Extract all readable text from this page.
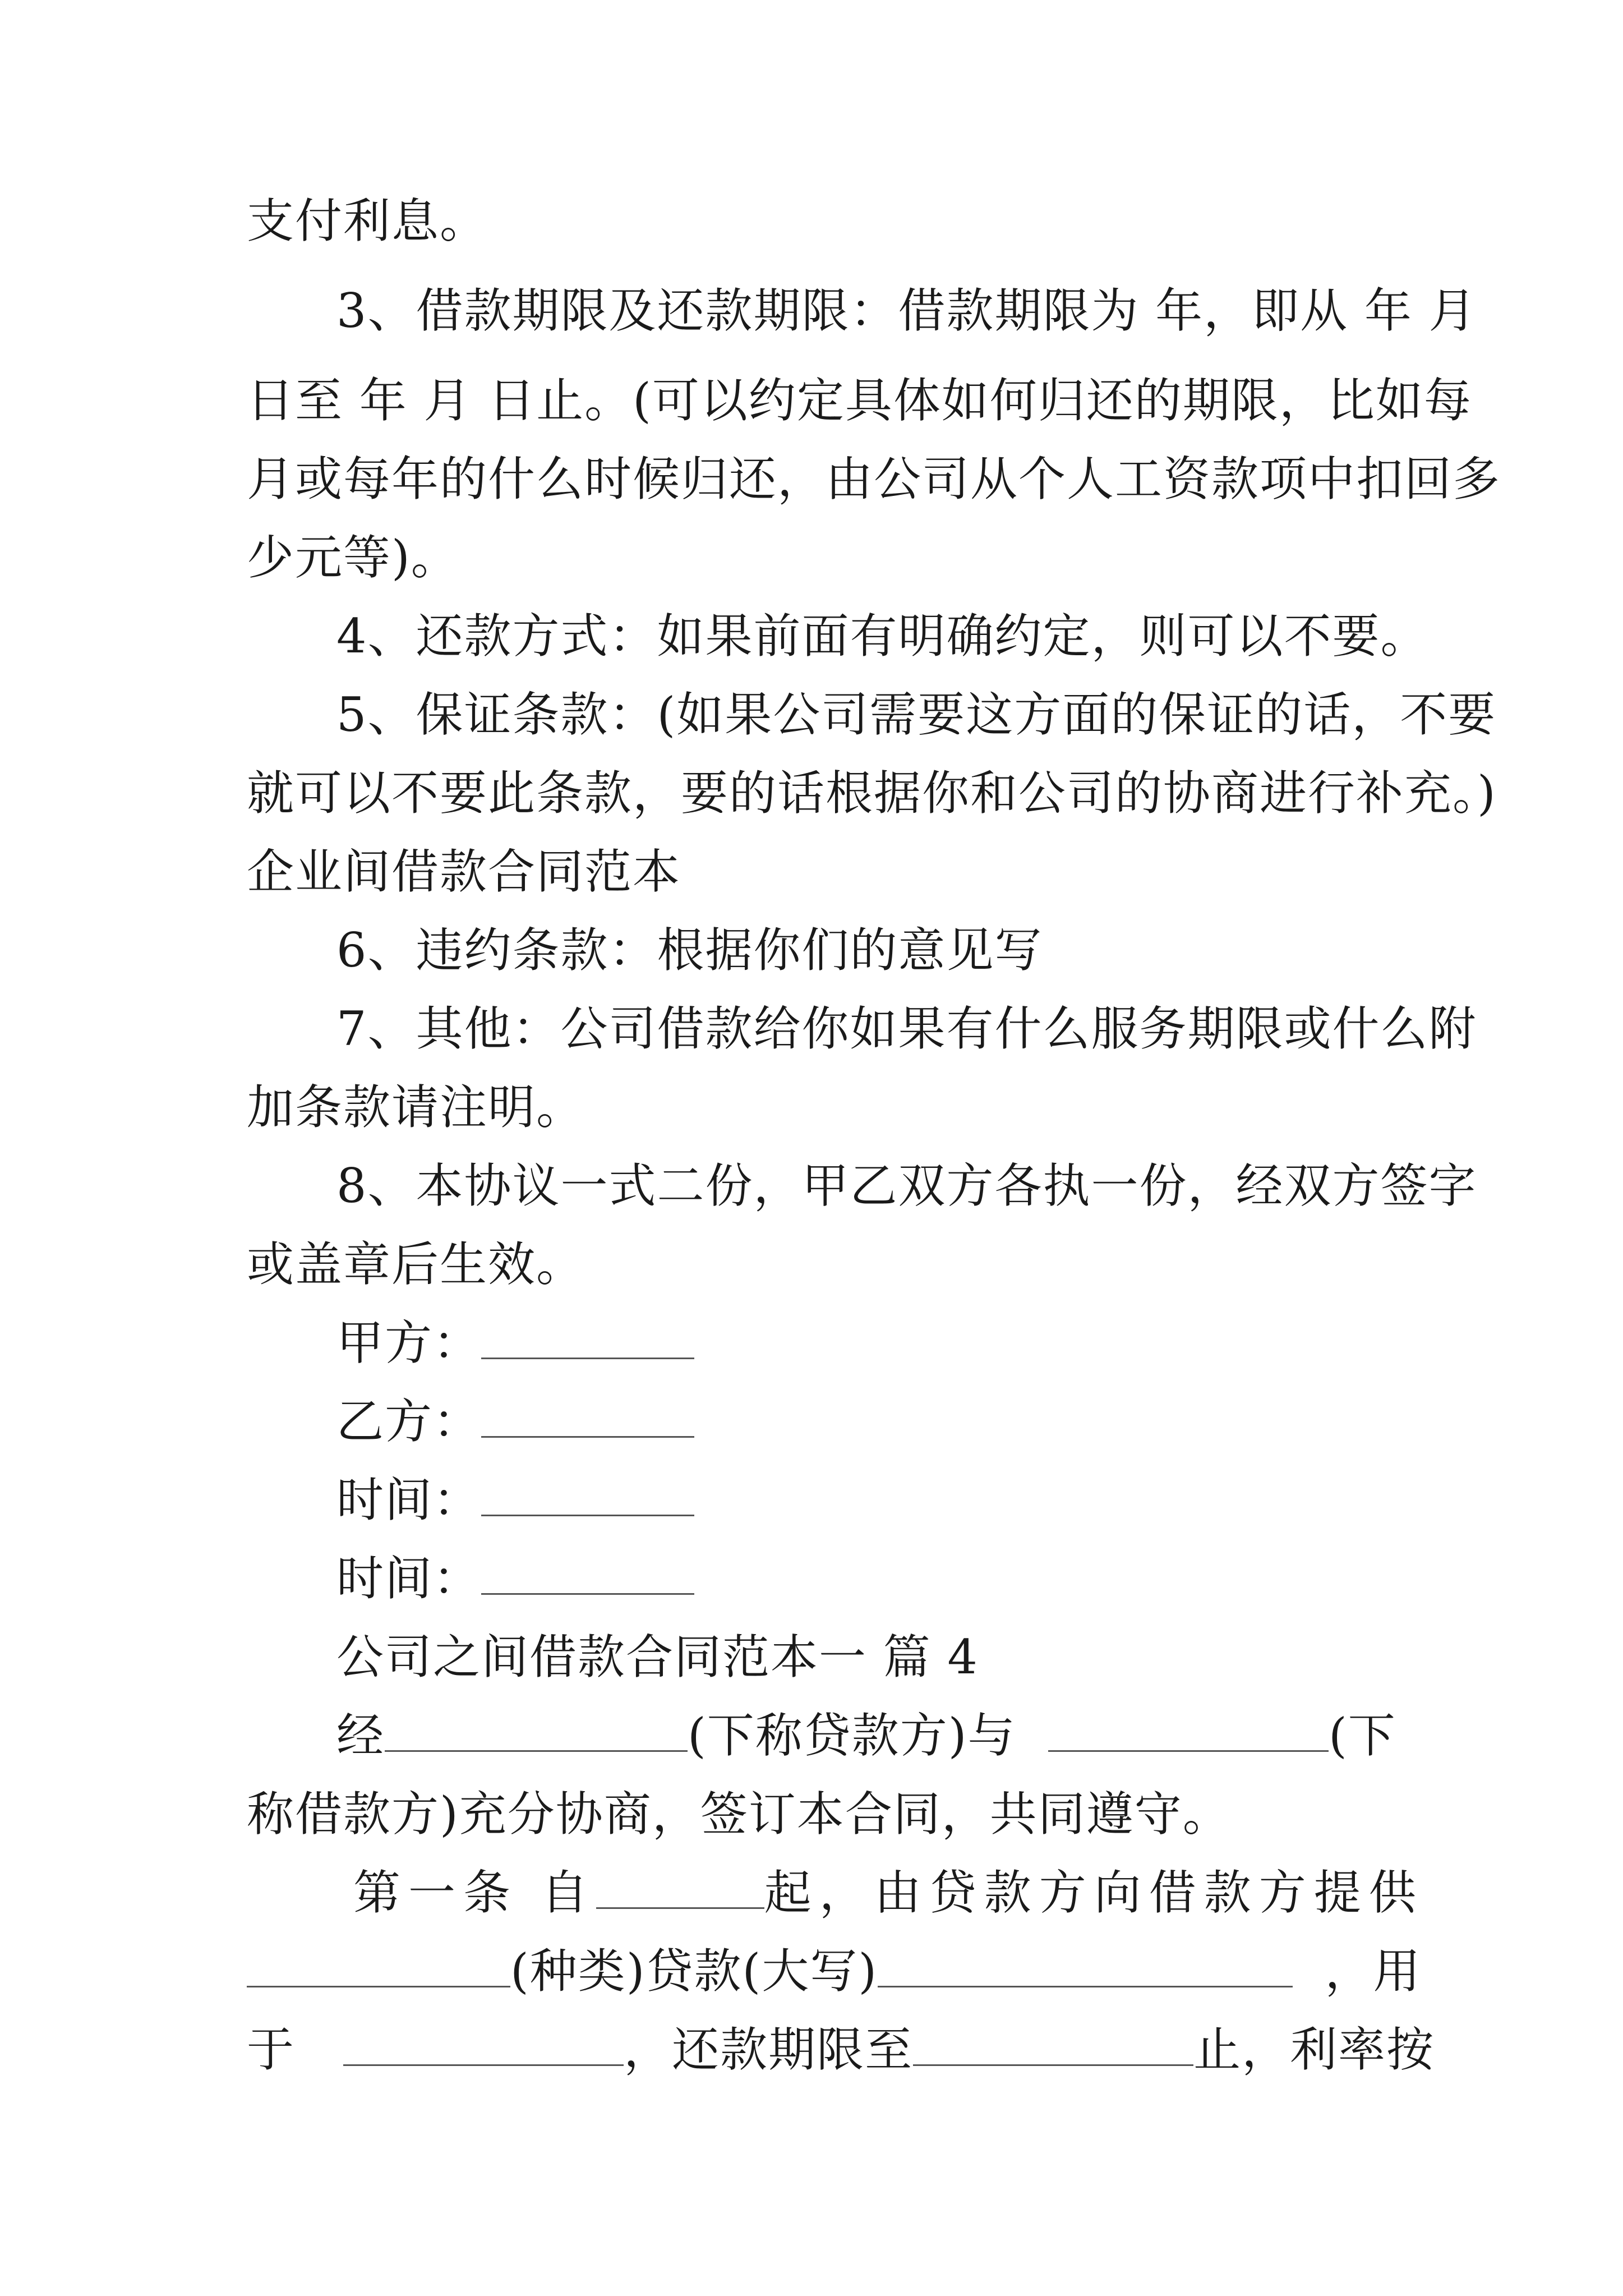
支付利息。
3、借款期限及还款期限：借款期限为 年，即从 年 月
日至 年 月 日止。(可以约定具体如何归还的期限，比如每
月或每年的什么时候归还，由公司从个人工资款项中扣回多
少元等)。
4、还款方式：如果前面有明确约定，则可以不要。
5、保证条款：(如果公司需要这方面的保证的话，不要
就可以不要此条款，要的话根据你和公司的协商进行补充。)
企业间借款合同范本
6、违约条款：根据你们的意见写
7、其他：公司借款给你如果有什么服务期限或什么附
加条款请注明。
8、本协议一式二份，甲乙双方各执一份，经双方签字
或盖章后生效。
甲方：
乙方：
时间：
时间：
公司之间借款合同范本一 篇 4
经	(下称贷款方)与	(下
称借款方)充分协商，签订本合同，共同遵守。
第一条 自	起，由贷款方向借款方提供
(种类)贷款(大写)	，用
于	，还款期限至	止，利率按
